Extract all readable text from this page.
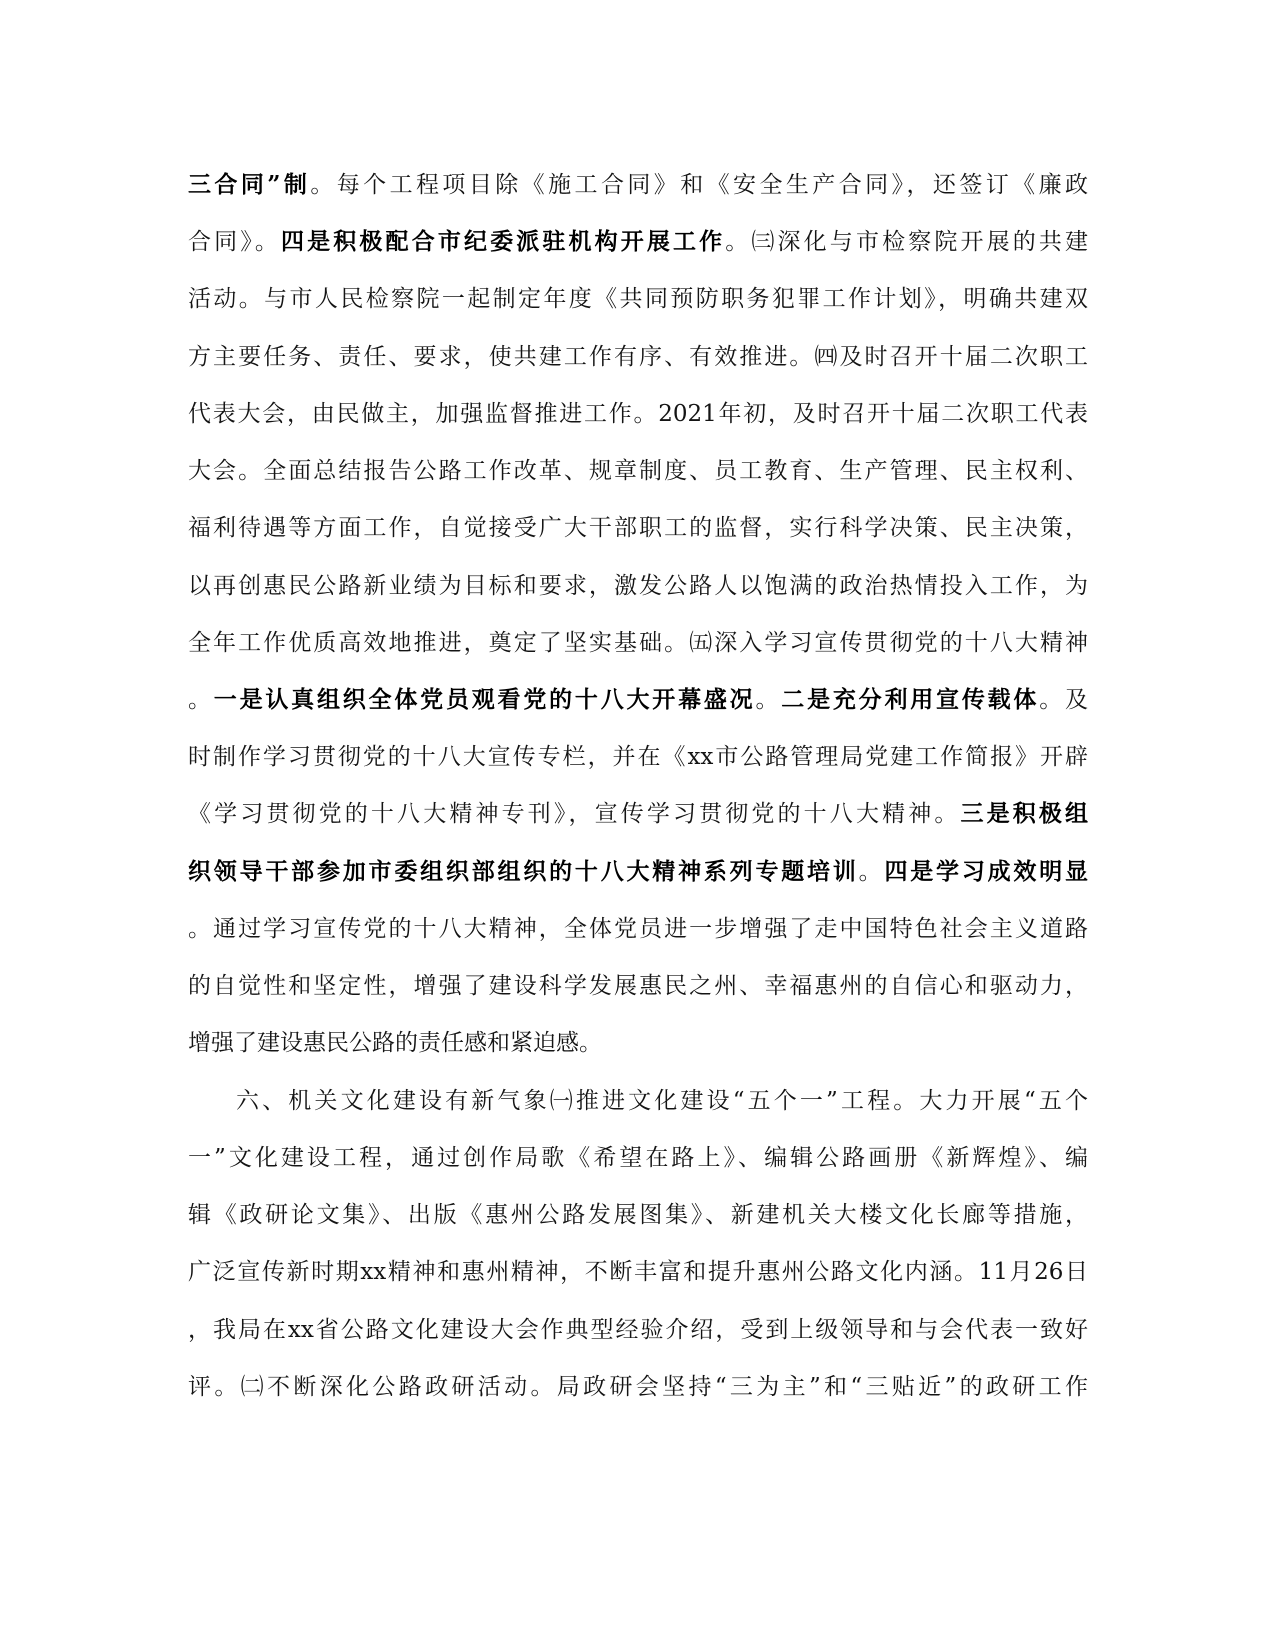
三合同”制。每个工程项目除《施工合同》和《安全生产合同》，还签订《廉政
合同》。四是积极配合市纪委派驻机构开展工作。㈢深化与市检察院开展的共建
活动。与市人民检察院一起制定年度《共同预防职务犯罪工作计划》，明确共建双
方主要任务、责任、要求，使共建工作有序、有效推进。㈣及时召开十届二次职工
代表大会，由民做主，加强监督推进工作。2021年初，及时召开十届二次职工代表
大会。全面总结报告公路工作改革、规章制度、员工教育、生产管理、民主权利、
福利待遇等方面工作，自觉接受广大干部职工的监督，实行科学决策、民主决策，
以再创惠民公路新业绩为目标和要求，激发公路人以饱满的政治热情投入工作，为
全年工作优质高效地推进，奠定了坚实基础。㈤深入学习宣传贯彻党的十八大精神
。一是认真组织全体党员观看党的十八大开幕盛况。二是充分利用宣传载体。及
时制作学习贯彻党的十八大宣传专栏，并在《xx市公路管理局党建工作简报》开辟
《学习贯彻党的十八大精神专刊》，宣传学习贯彻党的十八大精神。三是积极组
织领导干部参加市委组织部组织的十八大精神系列专题培训。四是学习成效明显
。通过学习宣传党的十八大精神，全体党员进一步增强了走中国特色社会主义道路
的自觉性和坚定性，增强了建设科学发展惠民之州、幸福惠州的自信心和驱动力，
增强了建设惠民公路的责任感和紧迫感。
六、机关文化建设有新气象㈠推进文化建设“五个一”工程。大力开展“五个
一”文化建设工程，通过创作局歌《希望在路上》、编辑公路画册《新辉煌》、编
辑《政研论文集》、出版《惠州公路发展图集》、新建机关大楼文化长廊等措施，
广泛宣传新时期xx精神和惠州精神，不断丰富和提升惠州公路文化内涵。11月26日
，我局在xx省公路文化建设大会作典型经验介绍，受到上级领导和与会代表一致好
评。㈡不断深化公路政研活动。局政研会坚持“三为主”和“三贴近”的政研工作
